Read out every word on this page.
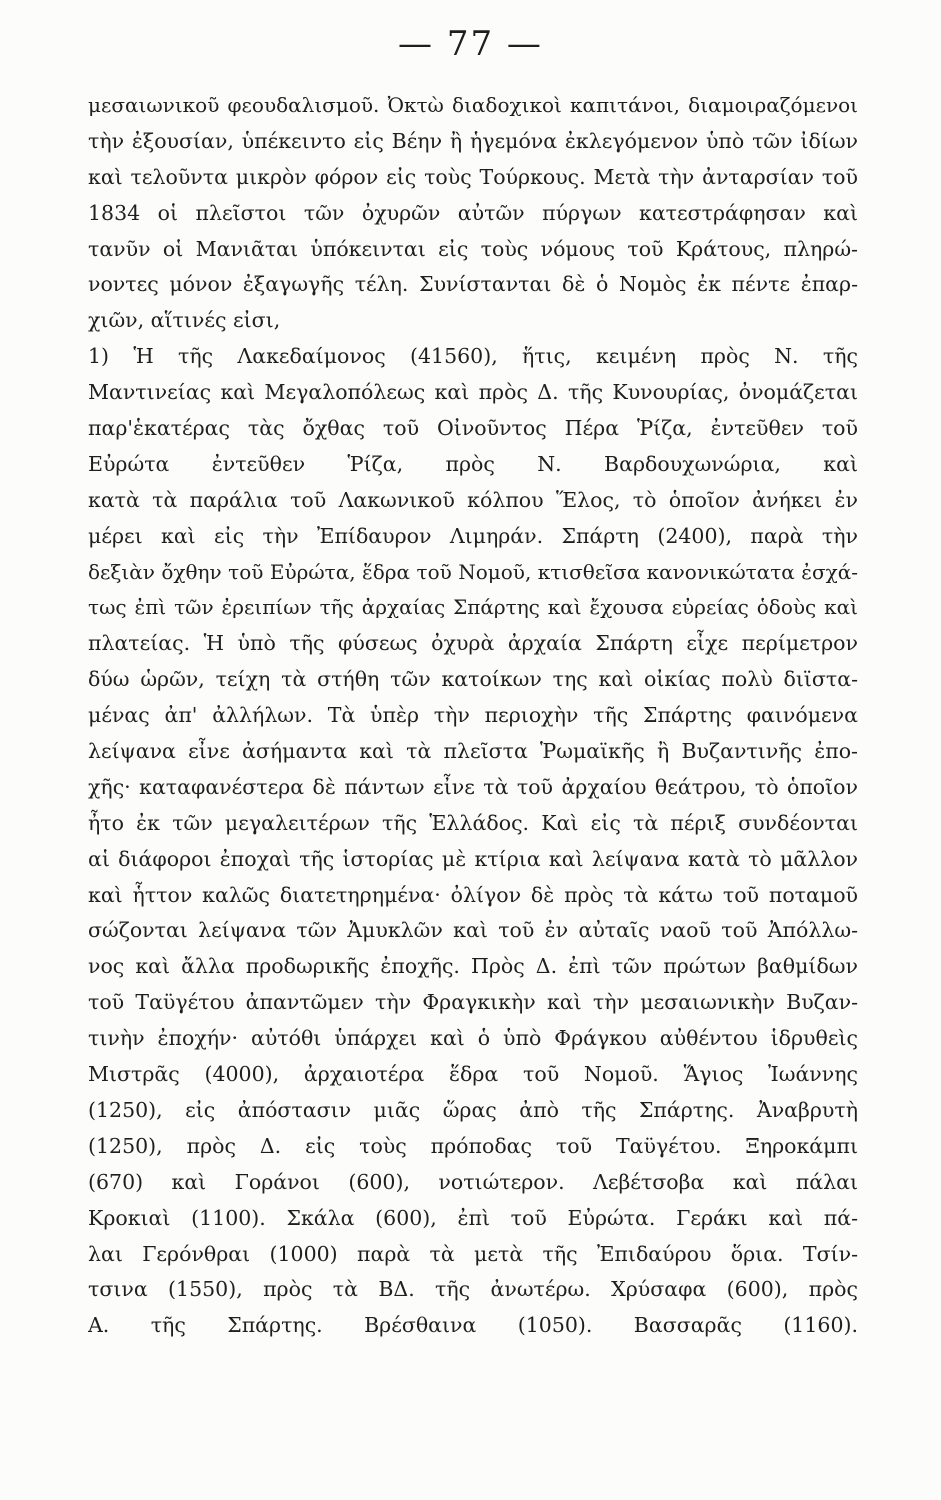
— 77 —
μεσαιωνικοῦ φεουδαλισμοῦ. Ὀκτὼ διαδοχικοὶ καπιτάνοι, διαμοιραζόμενοι
τὴν ἐξουσίαν, ὑπέκειντο εἰς Βέην ἢ ἡγεμόνα ἐκλεγόμενον ὑπὸ τῶν ἰδίων
καὶ τελοῦντα μικρὸν φόρον εἰς τοὺς Τούρκους. Μετὰ τὴν ἀνταρσίαν τοῦ
1834 οἱ πλεῖστοι τῶν ὀχυρῶν αὐτῶν πύργων κατεστράφησαν καὶ
τανῦν οἱ Μανιᾶται ὑπόκεινται εἰς τοὺς νόμους τοῦ Κράτους, πληρώ-
νοντες μόνον ἐξαγωγῆς τέλη. Συνίστανται δὲ ὁ Νομὸς ἐκ πέντε ἐπαρ-
χιῶν, αἵτινές εἰσι,
1) Ἡ τῆς Λακεδαίμονος (41560), ἥτις, κειμένη πρὸς Ν. τῆς
Μαντινείας καὶ Μεγαλοπόλεως καὶ πρὸς Δ. τῆς Κυνουρίας, ὀνομάζεται
παρ'ἑκατέρας τὰς ὄχθας τοῦ Οἰνοῦντος Πέρα Ῥίζα, ἐντεῦθεν τοῦ
Εὐρώτα ἐντεῦθεν Ῥίζα, πρὸς Ν. Βαρδουχωνώρια, καὶ
κατὰ τὰ παράλια τοῦ Λακωνικοῦ κόλπου Ἕλος, τὸ ὁποῖον ἀνήκει ἐν
μέρει καὶ εἰς τὴν Ἐπίδαυρον Λιμηράν. Σπάρτη (2400), παρὰ τὴν
δεξιὰν ὄχθην τοῦ Εὐρώτα, ἕδρα τοῦ Νομοῦ, κτισθεῖσα κανονικώτατα ἐσχά-
τως ἐπὶ τῶν ἐρειπίων τῆς ἀρχαίας Σπάρτης καὶ ἔχουσα εὐρείας ὁδοὺς καὶ
πλατείας. Ἡ ὑπὸ τῆς φύσεως ὀχυρὰ ἀρχαία Σπάρτη εἶχε περίμετρον
δύω ὡρῶν, τείχη τὰ στήθη τῶν κατοίκων της καὶ οἰκίας πολὺ διϊστα-
μένας ἀπ' ἀλλήλων. Τὰ ὑπὲρ τὴν περιοχὴν τῆς Σπάρτης φαινόμενα
λείψανα εἶνε ἀσήμαντα καὶ τὰ πλεῖστα Ῥωμαϊκῆς ἢ Βυζαντινῆς ἐπο-
χῆς· καταφανέστερα δὲ πάντων εἶνε τὰ τοῦ ἀρχαίου θεάτρου, τὸ ὁποῖον
ἦτο ἐκ τῶν μεγαλειτέρων τῆς Ἑλλάδος. Καὶ εἰς τὰ πέριξ συνδέονται
αἱ διάφοροι ἐποχαὶ τῆς ἱστορίας μὲ κτίρια καὶ λείψανα κατὰ τὸ μᾶλλον
καὶ ἧττον καλῶς διατετηρημένα· ὀλίγον δὲ πρὸς τὰ κάτω τοῦ ποταμοῦ
σώζονται λείψανα τῶν Ἀμυκλῶν καὶ τοῦ ἐν αὐταῖς ναοῦ τοῦ Ἀπόλλω-
νος καὶ ἄλλα προδωρικῆς ἐποχῆς. Πρὸς Δ. ἐπὶ τῶν πρώτων βαθμίδων
τοῦ Ταϋγέτου ἀπαντῶμεν τὴν Φραγκικὴν καὶ τὴν μεσαιωνικὴν Βυζαν-
τινὴν ἐποχήν· αὐτόθι ὑπάρχει καὶ ὁ ὑπὸ Φράγκου αὐθέντου ἱδρυθεὶς
Μιστρᾶς (4000), ἀρχαιοτέρα ἕδρα τοῦ Νομοῦ. Ἅγιος Ἰωάννης
(1250), εἰς ἀπόστασιν μιᾶς ὥρας ἀπὸ τῆς Σπάρτης. Ἀναβρυτὴ
(1250), πρὸς Δ. εἰς τοὺς πρόποδας τοῦ Ταϋγέτου. Ξηροκάμπι
(670) καὶ Γοράνοι (600), νοτιώτερον. Λεβέτσοβα καὶ πάλαι
Κροκιαὶ (1100). Σκάλα (600), ἐπὶ τοῦ Εὐρώτα. Γεράκι καὶ πά-
λαι Γερόνθραι (1000) παρὰ τὰ μετὰ τῆς Ἐπιδαύρου ὅρια. Τσίν-
τσινα (1550), πρὸς τὰ ΒΔ. τῆς ἀνωτέρω. Χρύσαφα (600), πρὸς
Α. τῆς Σπάρτης. Βρέσθαινα (1050). Βασσαρᾶς (1160).
